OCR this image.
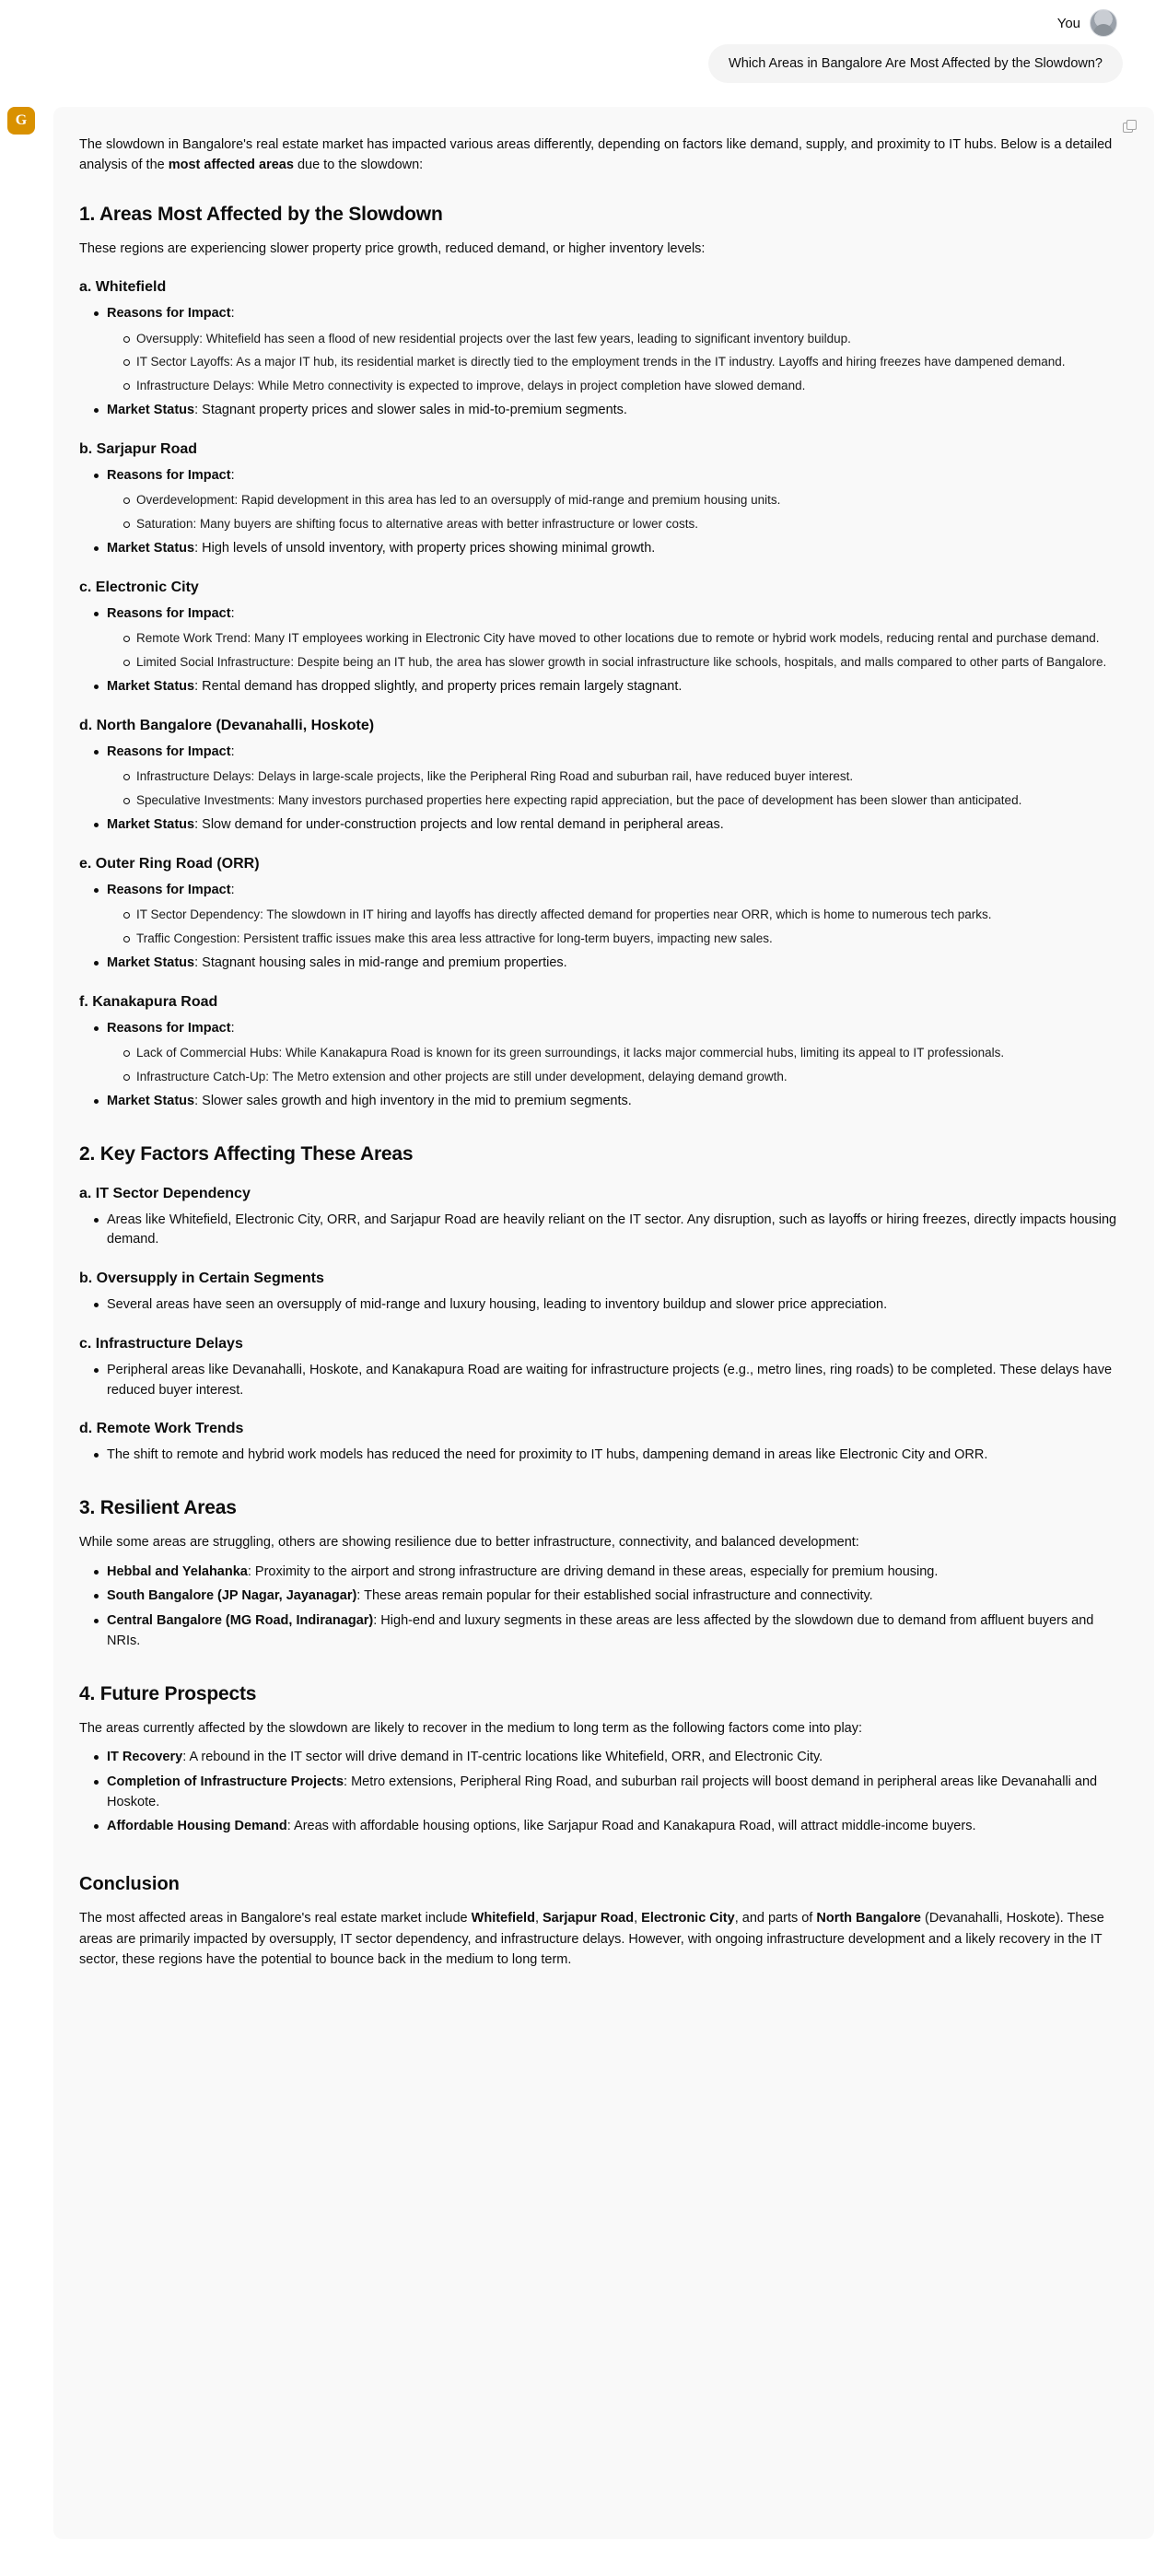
You
Which Areas in Bangalore Are Most Affected by the Slowdown?
G

The slowdown in Bangalore's real estate market has impacted various areas differently, depending on factors like demand, supply, and proximity to IT hubs. Below is a detailed analysis of the most affected areas due to the slowdown:

1. Areas Most Affected by the Slowdown

These regions are experiencing slower property price growth, reduced demand, or higher inventory levels:

a. Whitefield
Reasons for Impact:
Oversupply: Whitefield has seen a flood of new residential projects over the last few years, leading to significant inventory buildup.
IT Sector Layoffs: As a major IT hub, its residential market is directly tied to the employment trends in the IT industry. Layoffs and hiring freezes have dampened demand.
Infrastructure Delays: While Metro connectivity is expected to improve, delays in project completion have slowed demand.
Market Status: Stagnant property prices and slower sales in mid-to-premium segments.
b. Sarjapur Road
Reasons for Impact:
Overdevelopment: Rapid development in this area has led to an oversupply of mid-range and premium housing units.
Saturation: Many buyers are shifting focus to alternative areas with better infrastructure or lower costs.
Market Status: High levels of unsold inventory, with property prices showing minimal growth.
c. Electronic City
Reasons for Impact:
Remote Work Trend: Many IT employees working in Electronic City have moved to other locations due to remote or hybrid work models, reducing rental and purchase demand.
Limited Social Infrastructure: Despite being an IT hub, the area has slower growth in social infrastructure like schools, hospitals, and malls compared to other parts of Bangalore.
Market Status: Rental demand has dropped slightly, and property prices remain largely stagnant.
d. North Bangalore (Devanahalli, Hoskote)
Reasons for Impact:
Infrastructure Delays: Delays in large-scale projects, like the Peripheral Ring Road and suburban rail, have reduced buyer interest.
Speculative Investments: Many investors purchased properties here expecting rapid appreciation, but the pace of development has been slower than anticipated.
Market Status: Slow demand for under-construction projects and low rental demand in peripheral areas.
e. Outer Ring Road (ORR)
Reasons for Impact:
IT Sector Dependency: The slowdown in IT hiring and layoffs has directly affected demand for properties near ORR, which is home to numerous tech parks.
Traffic Congestion: Persistent traffic issues make this area less attractive for long-term buyers, impacting new sales.
Market Status: Stagnant housing sales in mid-range and premium properties.
f. Kanakapura Road
Reasons for Impact:
Lack of Commercial Hubs: While Kanakapura Road is known for its green surroundings, it lacks major commercial hubs, limiting its appeal to IT professionals.
Infrastructure Catch-Up: The Metro extension and other projects are still under development, delaying demand growth.
Market Status: Slower sales growth and high inventory in the mid to premium segments.
2. Key Factors Affecting These Areas
a. IT Sector Dependency
Areas like Whitefield, Electronic City, ORR, and Sarjapur Road are heavily reliant on the IT sector. Any disruption, such as layoffs or hiring freezes, directly impacts housing demand.
b. Oversupply in Certain Segments
Several areas have seen an oversupply of mid-range and luxury housing, leading to inventory buildup and slower price appreciation.
c. Infrastructure Delays
Peripheral areas like Devanahalli, Hoskote, and Kanakapura Road are waiting for infrastructure projects (e.g., metro lines, ring roads) to be completed. These delays have reduced buyer interest.
d. Remote Work Trends
The shift to remote and hybrid work models has reduced the need for proximity to IT hubs, dampening demand in areas like Electronic City and ORR.
3. Resilient Areas

While some areas are struggling, others are showing resilience due to better infrastructure, connectivity, and balanced development:

Hebbal and Yelahanka: Proximity to the airport and strong infrastructure are driving demand in these areas, especially for premium housing.
South Bangalore (JP Nagar, Jayanagar): These areas remain popular for their established social infrastructure and connectivity.
Central Bangalore (MG Road, Indiranagar): High-end and luxury segments in these areas are less affected by the slowdown due to demand from affluent buyers and NRIs.
4. Future Prospects

The areas currently affected by the slowdown are likely to recover in the medium to long term as the following factors come into play:

IT Recovery: A rebound in the IT sector will drive demand in IT-centric locations like Whitefield, ORR, and Electronic City.
Completion of Infrastructure Projects: Metro extensions, Peripheral Ring Road, and suburban rail projects will boost demand in peripheral areas like Devanahalli and Hoskote.
Affordable Housing Demand: Areas with affordable housing options, like Sarjapur Road and Kanakapura Road, will attract middle-income buyers.
Conclusion

The most affected areas in Bangalore's real estate market include Whitefield, Sarjapur Road, Electronic City, and parts of North Bangalore (Devanahalli, Hoskote). These areas are primarily impacted by oversupply, IT sector dependency, and infrastructure delays. However, with ongoing infrastructure development and a likely recovery in the IT sector, these regions have the potential to bounce back in the medium to long term.
